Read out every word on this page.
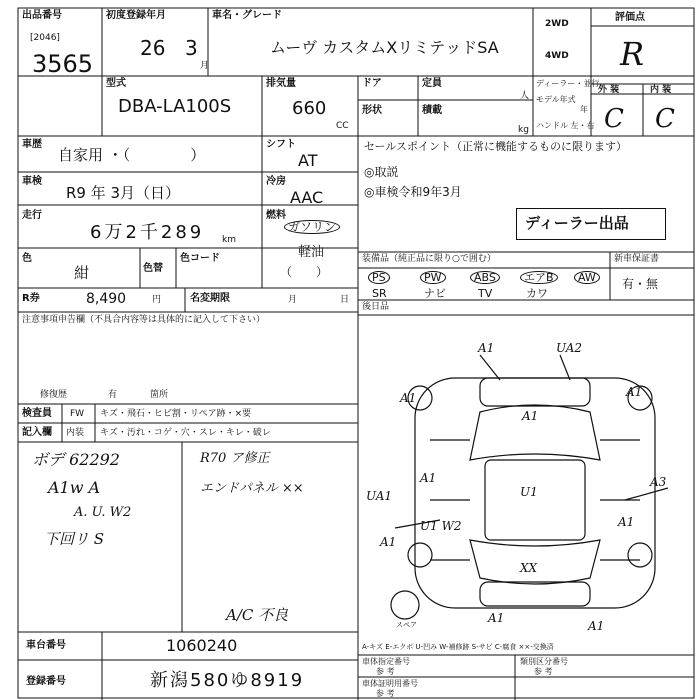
出品番号
[2046]
3565
初度登録年月
26 3
月
車名・グレード
ムーヴ カスタムXリミテッドSA
2WD
4WD
評価点
R
型式
DBA-LA100S
排気量
660
CC
ドア
形状
定員
人
積載
kg
ディーラー・並行
モデル年式
年
ハンドル 左・右
外 装	内 装
C C
車歴
自家用 ・（　　　　）
シフト
AT
車検
R9 年 3月（日）
冷房
AAC
走行
6万2千289 km
燃料
ガソリン
軽油
（　　）
色
紺	色替
色コード
R券	8,490	円	名変期限	月	日
セールスポイント（正常に機能するものに限ります）
◎取説
◎車検令和9年3月
ディーラー出品
装備品（純正品に限り○で囲む）	新車保証書
PS	PW	ABS	エアB	AW
SR	ナビ	TV	カワ
有・無
後日品
注意事項申告欄（不具合内容等は具体的に記入して下さい）
修復歴	有	箇所
検査員 FW キズ・飛石・ヒビ割・リペア跡・×要
記入欄 内装 キズ・汚れ・コゲ・穴・スレ・キレ・破レ
ボデ 62292
A1w A
A. U. W2
下回リ S
R70 ア修正
エンドパネル ××
A/C 不良
A1	UA2
A1	A1
A1
A1
U1
UA1
U1 W2	A1
A3
XX
A1
A1
A1
スペア
A-キズ E-エクボ U-凹み W-補修跡 S-サビ C-腐食 ××-交換済
車台番号	1060240
登録番号	新潟580ゆ8919
車体指定番号
参 考
類別区分番号
参 考
車体証明用番号
参 考
